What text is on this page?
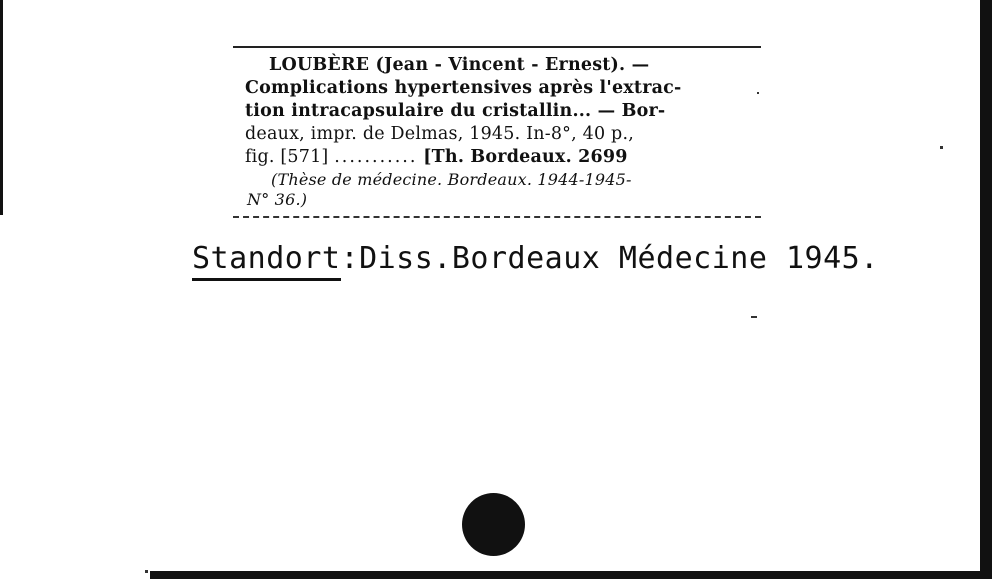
LOUBÈRE (Jean - Vincent - Ernest). —
Complications hypertensives après l'extrac-
tion intracapsulaire du cristallin... — Bor-
deaux, impr. de Delmas, 1945. In-8°, 40 p.,
fig. [571] ........... [Th. Bordeaux. 2699
(Thèse de médecine. Bordeaux. 1944-1945-
N° 36.)
Standort:Diss.Bordeaux Médecine 1945.
